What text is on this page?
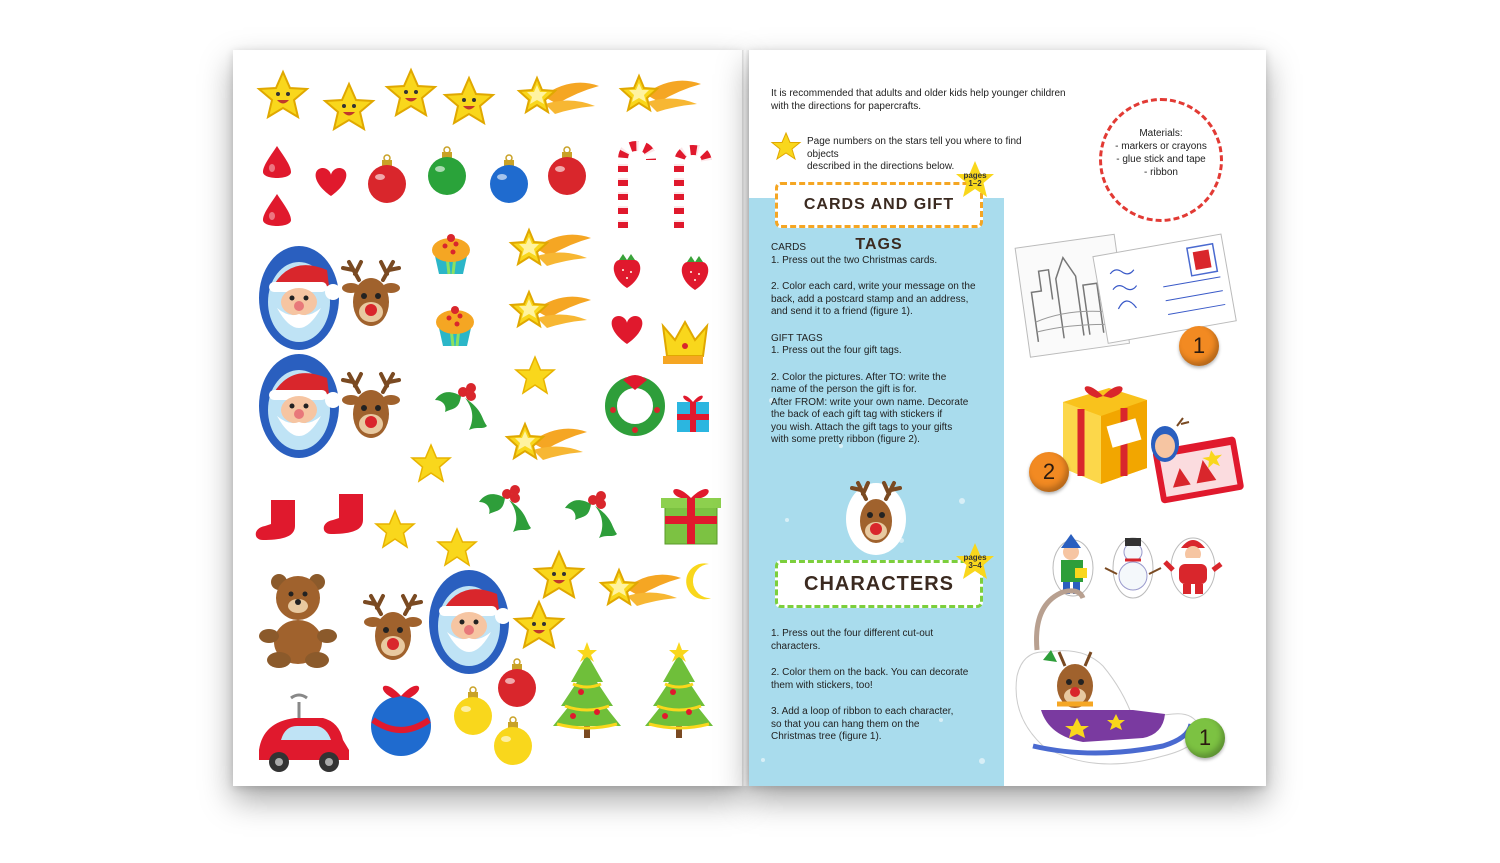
It is recommended that adults and older kids help younger children
with the directions for papercrafts.
Page numbers on the stars tell you where to find objects
described in the directions below.
Materials:
- markers or crayons
- glue stick and tape
- ribbon
CARDS AND GIFT TAGS
pages
1–2
CARDS
1. Press out the two Christmas cards.
2. Color each card, write your message on the
back, add a postcard stamp and an address,
and send it to a friend (figure 1).
GIFT TAGS
1. Press out the four gift tags.
2. Color the pictures. After TO: write the
name of the person the gift is for.
After FROM: write your own name. Decorate
the back of each gift tag with stickers if
you wish. Attach the gift tags to your gifts
with some pretty ribbon (figure 2).
CHARACTERS
pages
3–4
1. Press out the four different cut-out
characters.
2. Color them on the back. You can decorate
them with stickers, too!
3. Add a loop of ribbon to each character,
so that you can hang them on the
Christmas tree (figure 1).
1
2
1
